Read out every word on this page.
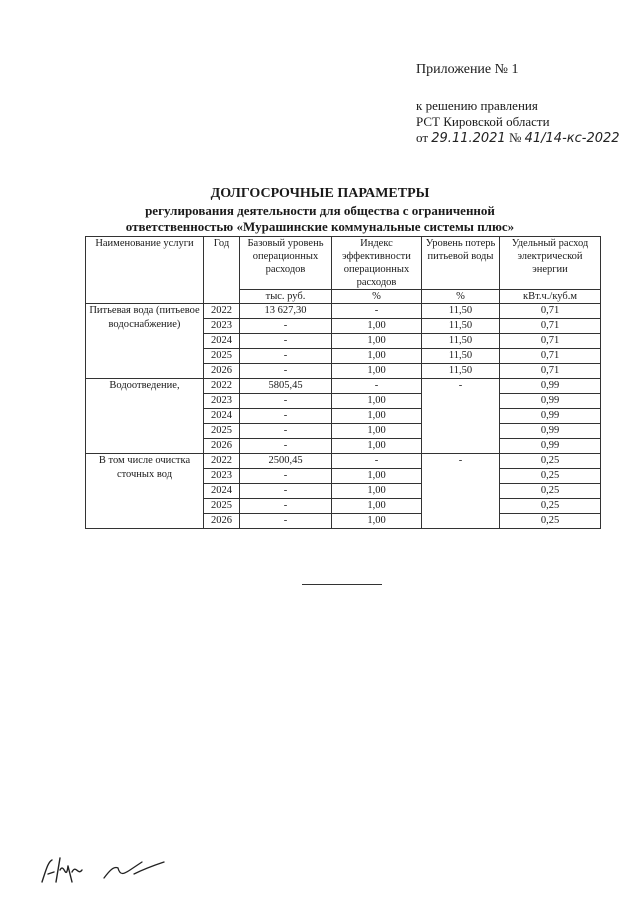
Приложение № 1
к решению правления
РСТ Кировской области
от 29.11.2021 № 41/14-кс-2022
ДОЛГОСРОЧНЫЕ ПАРАМЕТРЫ
регулирования деятельности для общества с ограниченной
ответственностью «Мурашинские коммунальные системы плюс»
Наименование услуги	Год	Базовый уровень операционных расходов	Индекс эффективности операционных расходов	Уровень потерь питьевой воды	Удельный расход электрической энергии
		тыс. руб.	%	%	кВт.ч./куб.м
Питьевая вода (питьевое водоснабжение)	2022	13 627,30	-	11,50	0,71
	2023	-	1,00	11,50	0,71
	2024	-	1,00	11,50	0,71
	2025	-	1,00	11,50	0,71
	2026	-	1,00	11,50	0,71
Водоотведение,	2022	5805,45	-	-	0,99
	2023	-	1,00		0,99
	2024	-	1,00		0,99
	2025	-	1,00		0,99
	2026	-	1,00		0,99
В том числе очистка сточных вод	2022	2500,45	-	-	0,25
	2023	-	1,00		0,25
	2024	-	1,00		0,25
	2025	-	1,00		0,25
	2026	-	1,00		0,25
